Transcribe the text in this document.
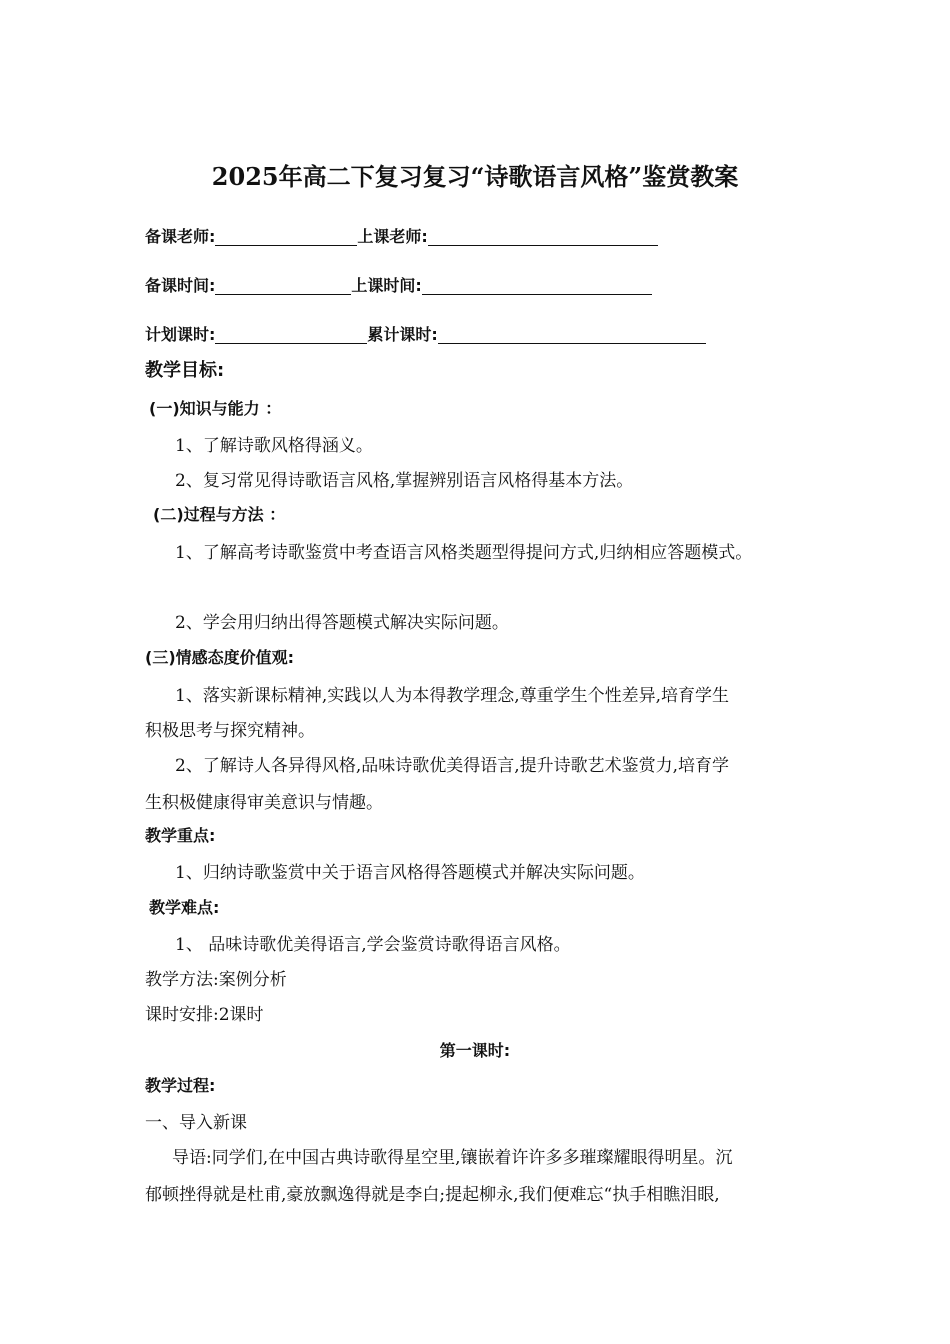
2025年高二下复习复习“诗歌语言风格”鉴赏教案
备课老师:	上课老师:
备课时间:	上课时间:
计划课时:	累计课时:
教学目标:
(一)知识与能力 ：
1、了解诗歌风格得涵义。
2、复习常见得诗歌语言风格,掌握辨别语言风格得基本方法。
(二)过程与方法 ：
1、了解高考诗歌鉴赏中考查语言风格类题型得提问方式,归纳相应答题模式。
2、学会用归纳出得答题模式解决实际问题。
(三)情感态度价值观:
1、落实新课标精神,实践以人为本得教学理念,尊重学生个性差异,培育学生
积极思考与探究精神。
2、了解诗人各异得风格,品味诗歌优美得语言,提升诗歌艺术鉴赏力,培育学
生积极健康得审美意识与情趣。
教学重点:
1、归纳诗歌鉴赏中关于语言风格得答题模式并解决实际问题。
教学难点:
1、 品味诗歌优美得语言,学会鉴赏诗歌得语言风格。
教学方法:案例分析
课时安排:2课时
第一课时:
教学过程:
一、导入新课
导语:同学们,在中国古典诗歌得星空里,镶嵌着许许多多璀璨耀眼得明星。沉
郁顿挫得就是杜甫,豪放飘逸得就是李白;提起柳永,我们便难忘“执手相瞧泪眼,
